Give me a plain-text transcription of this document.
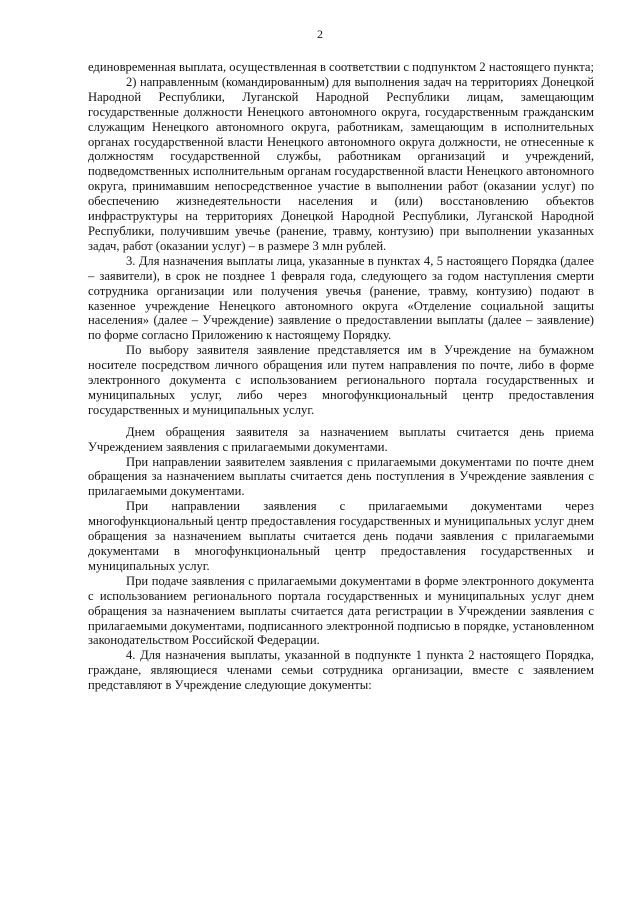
2

единовременная выплата, осуществленная в соответствии с подпунктом 2 настоящего пункта;

2) направленным (командированным) для выполнения задач на территориях Донецкой Народной Республики, Луганской Народной Республики лицам, замещающим государственные должности Ненецкого автономного округа, государственным гражданским служащим Ненецкого автономного округа, работникам, замещающим в исполнительных органах государственной власти Ненецкого автономного округа должности, не отнесенные к должностям государственной службы, работникам организаций и учреждений, подведомственных исполнительным органам государственной власти Ненецкого автономного округа, принимавшим непосредственное участие в выполнении работ (оказании услуг) по обеспечению жизнедеятельности населения и (или) восстановлению объектов инфраструктуры на территориях Донецкой Народной Республики, Луганской Народной Республики, получившим увечье (ранение, травму, контузию) при выполнении указанных задач, работ (оказании услуг) – в размере 3 млн рублей.

3. Для назначения выплаты лица, указанные в пунктах 4, 5 настоящего Порядка (далее – заявители), в срок не позднее 1 февраля года, следующего за годом наступления смерти сотрудника организации или получения увечья (ранение, травму, контузию) подают в казенное учреждение Ненецкого автономного округа «Отделение социальной защиты населения» (далее – Учреждение) заявление о предоставлении выплаты (далее – заявление) по форме согласно Приложению к настоящему Порядку.

По выбору заявителя заявление представляется им в Учреждение на бумажном носителе посредством личного обращения или путем направления по почте, либо в форме электронного документа с использованием регионального портала государственных и муниципальных услуг, либо через многофункциональный центр предоставления государственных и муниципальных услуг.

Днем обращения заявителя за назначением выплаты считается день приема Учреждением заявления с прилагаемыми документами.

При направлении заявителем заявления с прилагаемыми документами по почте днем обращения за назначением выплаты считается день поступления в Учреждение заявления с прилагаемыми документами.

При направлении заявления с прилагаемыми документами через многофункциональный центр предоставления государственных и муниципальных услуг днем обращения за назначением выплаты считается день подачи заявления с прилагаемыми документами в многофункциональный центр предоставления государственных и муниципальных услуг.

При подаче заявления с прилагаемыми документами в форме электронного документа с использованием регионального портала государственных и муниципальных услуг днем обращения за назначением выплаты считается дата регистрации в Учреждении заявления с прилагаемыми документами, подписанного электронной подписью в порядке, установленном законодательством Российской Федерации.

4. Для назначения выплаты, указанной в подпункте 1 пункта 2 настоящего Порядка, граждане, являющиеся членами семьи сотрудника организации, вместе с заявлением представляют в Учреждение следующие документы:
